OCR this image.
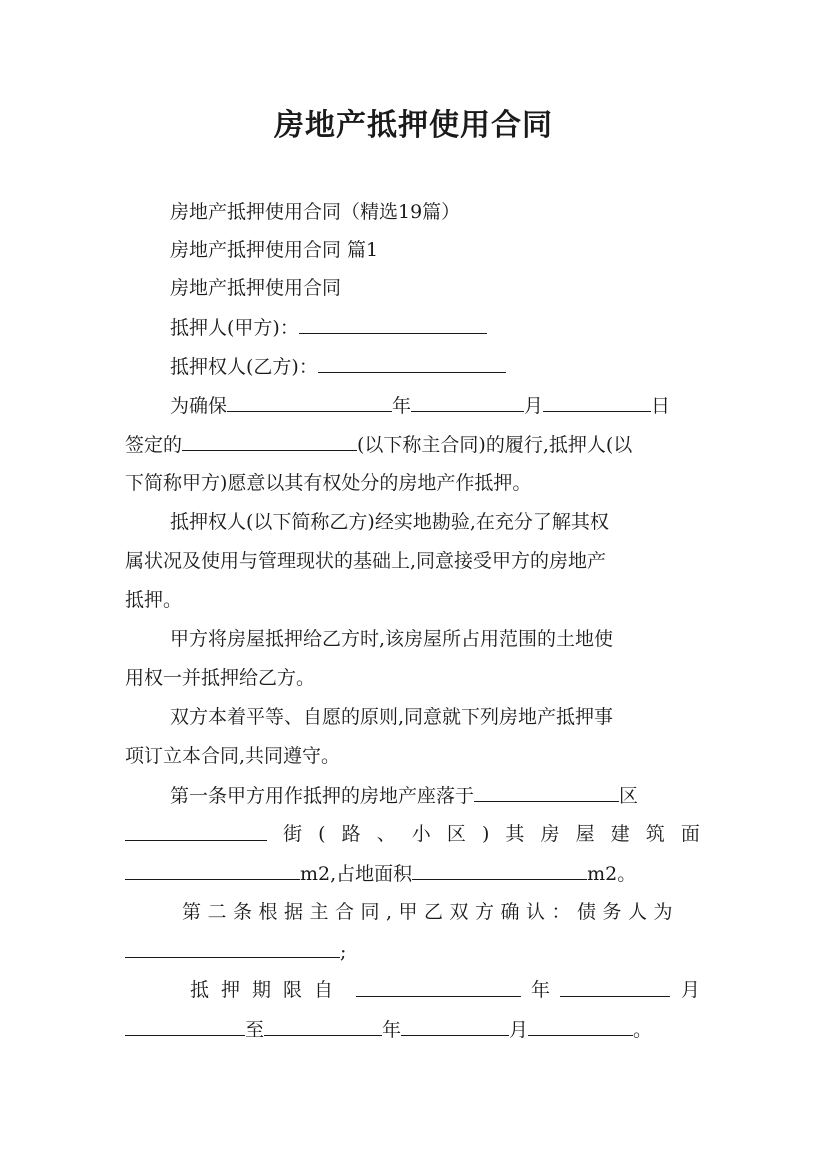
房地产抵押使用合同
房地产抵押使用合同（精选19篇）
房地产抵押使用合同 篇1
房地产抵押使用合同
抵押人(甲方)：
抵押权人(乙方)：
为确保	年	月	日
签定的	(以下称主合同)的履行,抵押人(以
下简称甲方)愿意以其有权处分的房地产作抵押。
抵押权人(以下简称乙方)经实地勘验,在充分了解其权
属状况及使用与管理现状的基础上,同意接受甲方的房地产
抵押。
甲方将房屋抵押给乙方时,该房屋所占用范围的土地使
用权一并抵押给乙方。
双方本着平等、自愿的原则,同意就下列房地产抵押事
项订立本合同,共同遵守。
第一条甲方用作抵押的房地产座落于	区
街 ( 路 、 小 区 ) 其 房 屋 建 筑 面
m2,占地面积	m2。
第二条根据主合同,甲乙双方确认：债务人为
;
抵押期限自	年	月
至	年	月	。
